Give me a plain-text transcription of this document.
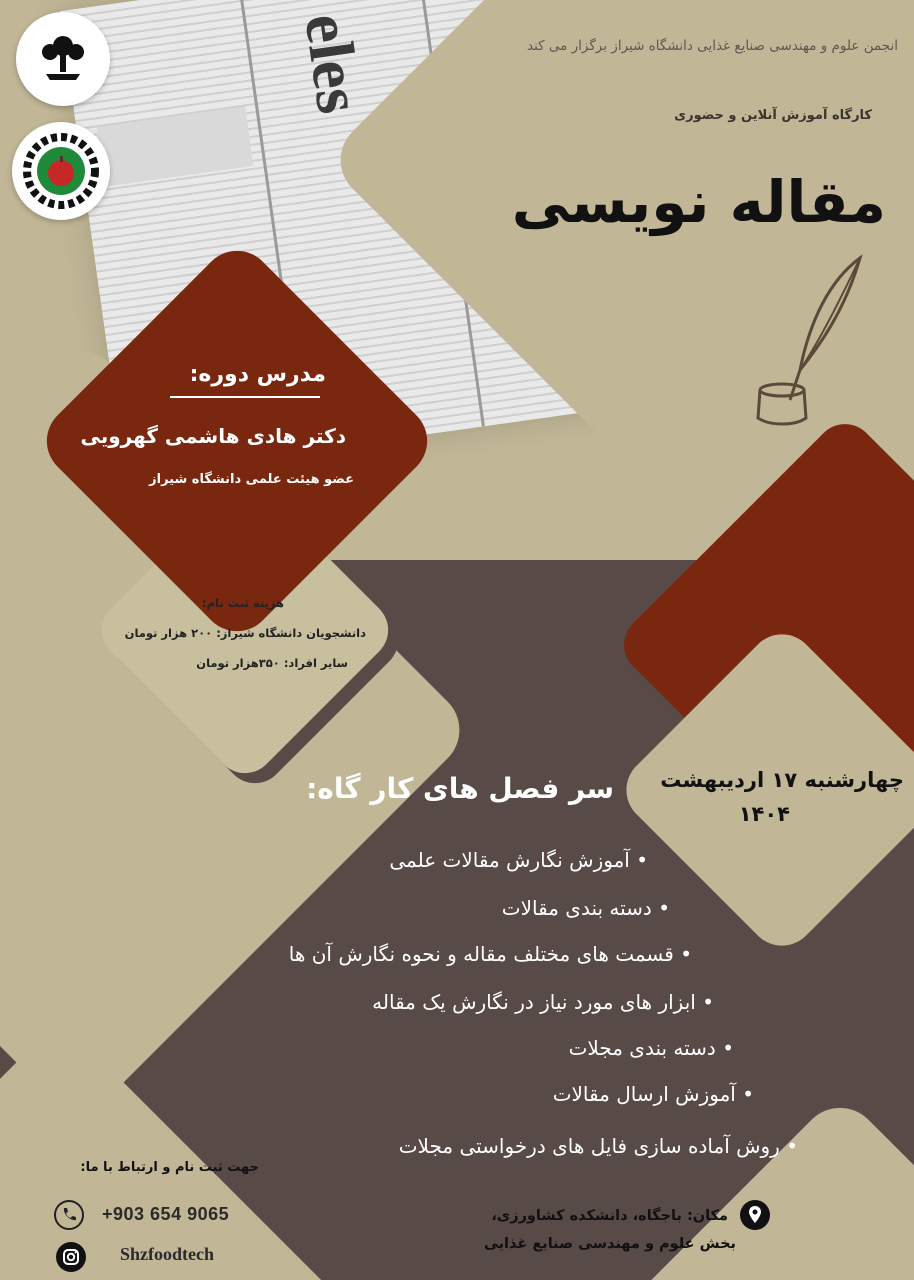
eles	انجمن علوم و مهندسی صنایع غذایی دانشگاه شیراز برگزار می کند
کارگاه آموزش آنلاین و حضوری
مقاله نویسی
مدرس دوره:
دکتر هادی هاشمی گهرویی
عضو هیئت علمی دانشگاه شیراز
هزینه ثبت نام:
دانشجویان دانشگاه شیراز: ۲۰۰ هزار تومان
سایر افراد: ۳۵۰هزار تومان
چهارشنبه ۱۷ اردیبهشت
۱۴۰۴
سر فصل های کار گاه:
• آموزش نگارش مقالات علمی
• دسته بندی مقالات
• قسمت های مختلف مقاله و نحوه نگارش آن ها
• ابزار های مورد نیاز در نگارش یک مقاله
• دسته بندی مجلات
• آموزش ارسال مقالات
• روش آماده سازی فایل های درخواستی مجلات
جهت ثبت نام و ارتباط با ما:
+903 654 9065
Shzfoodtech
مکان: باجگاه، دانشکده کشاورزی،
بخش علوم و مهندسی صنایع غذایی
